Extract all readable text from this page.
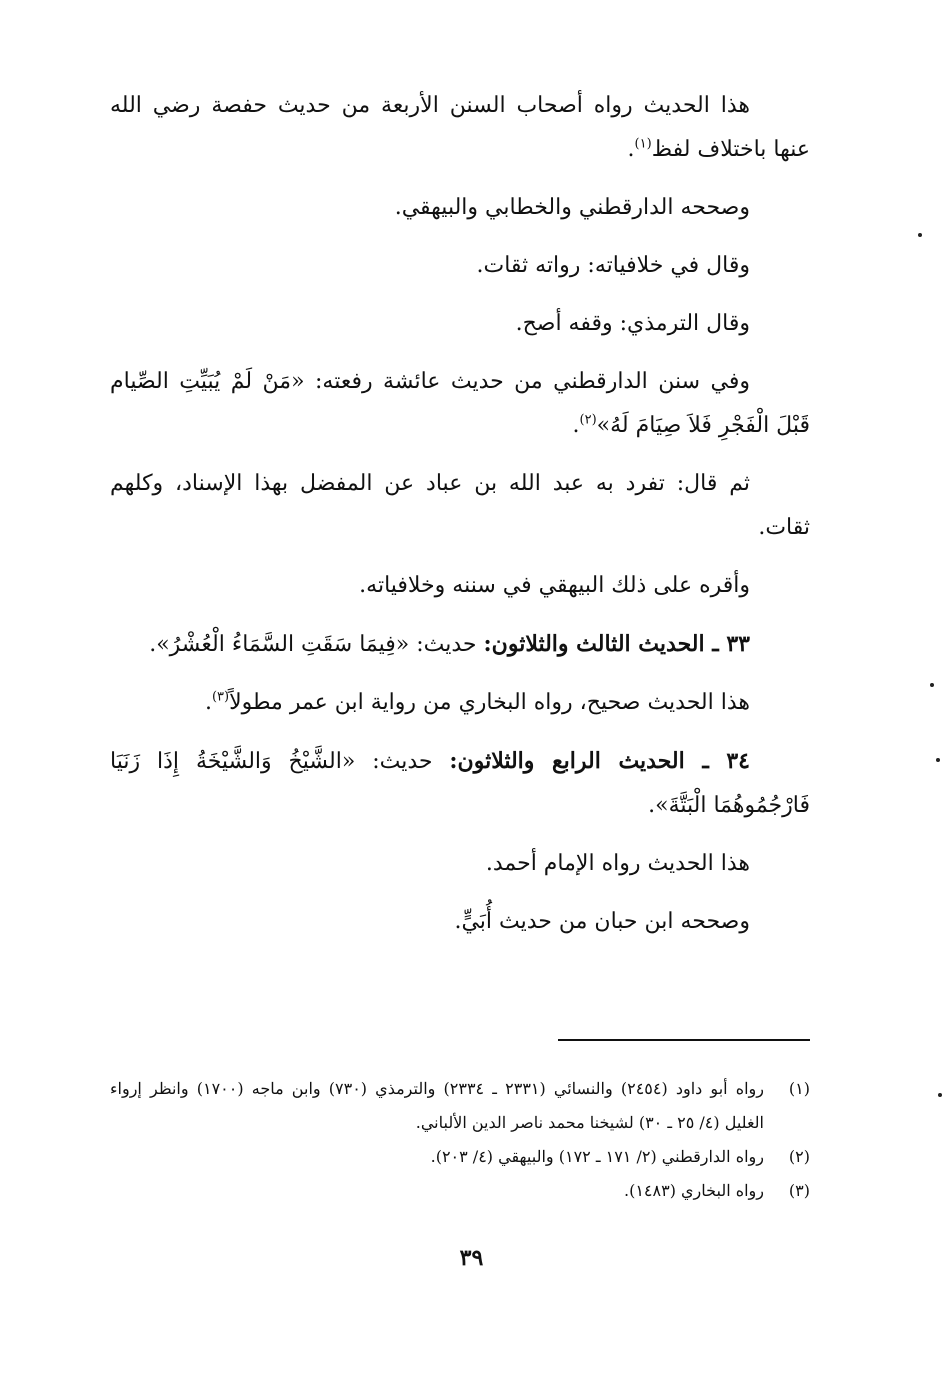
هذا الحديث رواه أصحاب السنن الأربعة من حديث حفصة رضي الله عنها باختلاف لفظ$^{(١)}$.

وصححه الدارقطني والخطابي والبيهقي.

وقال في خلافياته: رواته ثقات.

وقال الترمذي: وقفه أصح.

وفي سنن الدارقطني من حديث عائشة رفعته: «مَنْ لَمْ يُبَيِّتِ الصِّيام قَبْلَ الْفَجْرِ فَلاَ صِيَامَ لَهُ»$^{(٢)}$.

ثم قال: تفرد به عبد الله بن عباد عن المفضل بهذا الإسناد، وكلهم ثقات.

وأقره على ذلك البيهقي في سننه وخلافياته.

٣٣ ـ الحديث الثالث والثلاثون: حديث: «فِيمَا سَقَتِ السَّمَاءُ الْعُشْرُ».

هذا الحديث صحيح، رواه البخاري من رواية ابن عمر مطولاً$^{(٣)}$.

٣٤ ـ الحديث الرابع والثلاثون: حديث: «الشَّيْخُ وَالشَّيْخَةُ إِذَا زَنَيَا فَارْجُمُوهُمَا الْبَتَّةَ».

هذا الحديث رواه الإمام أحمد.

وصححه ابن حبان من حديث أُبَيٍّ.

(١)
رواه أبو داود (٢٤٥٤) والنسائي (٢٣٣١ ـ ٢٣٣٤) والترمذي (٧٣٠) وابن ماجه (١٧٠٠) وانظر إرواء الغليل (٤/ ٢٥ ـ ٣٠) لشيخنا محمد ناصر الدين الألباني.
(٢)
رواه الدارقطني (٢/ ١٧١ ـ ١٧٢) والبيهقي (٤/ ٢٠٣).
(٣)
رواه البخاري (١٤٨٣).
٣٩
